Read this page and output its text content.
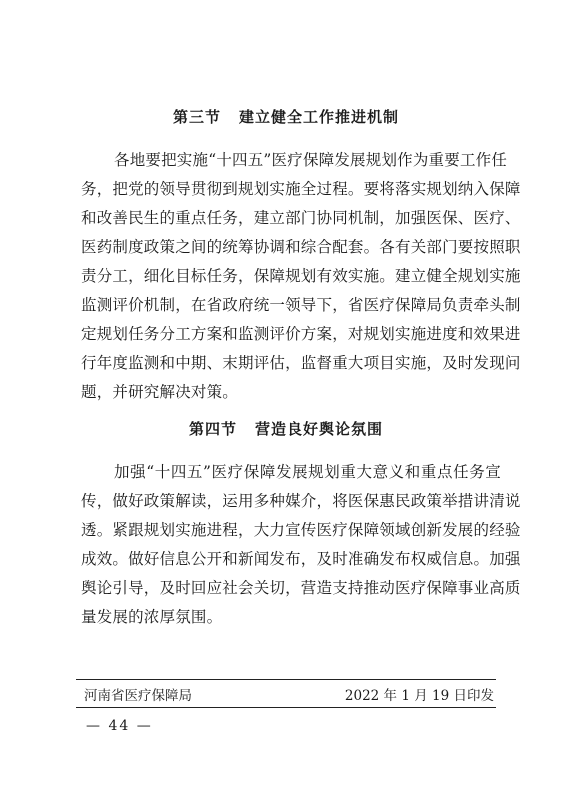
第三节 建立健全工作推进机制
各地要把实施“十四五”医疗保障发展规划作为重要工作任
务，把党的领导贯彻到规划实施全过程。要将落实规划纳入保障
和改善民生的重点任务，建立部门协同机制，加强医保、医疗、
医药制度政策之间的统筹协调和综合配套。各有关部门要按照职
责分工，细化目标任务，保障规划有效实施。建立健全规划实施
监测评价机制，在省政府统一领导下，省医疗保障局负责牵头制
定规划任务分工方案和监测评价方案，对规划实施进度和效果进
行年度监测和中期、末期评估，监督重大项目实施，及时发现问
题，并研究解决对策。
第四节 营造良好舆论氛围
加强“十四五”医疗保障发展规划重大意义和重点任务宣
传，做好政策解读，运用多种媒介，将医保惠民政策举措讲清说
透。紧跟规划实施进程，大力宣传医疗保障领域创新发展的经验
成效。做好信息公开和新闻发布，及时准确发布权威信息。加强
舆论引导，及时回应社会关切，营造支持推动医疗保障事业高质
量发展的浓厚氛围。
河南省医疗保障局	2022 年 1 月 19 日印发
— 44 —
